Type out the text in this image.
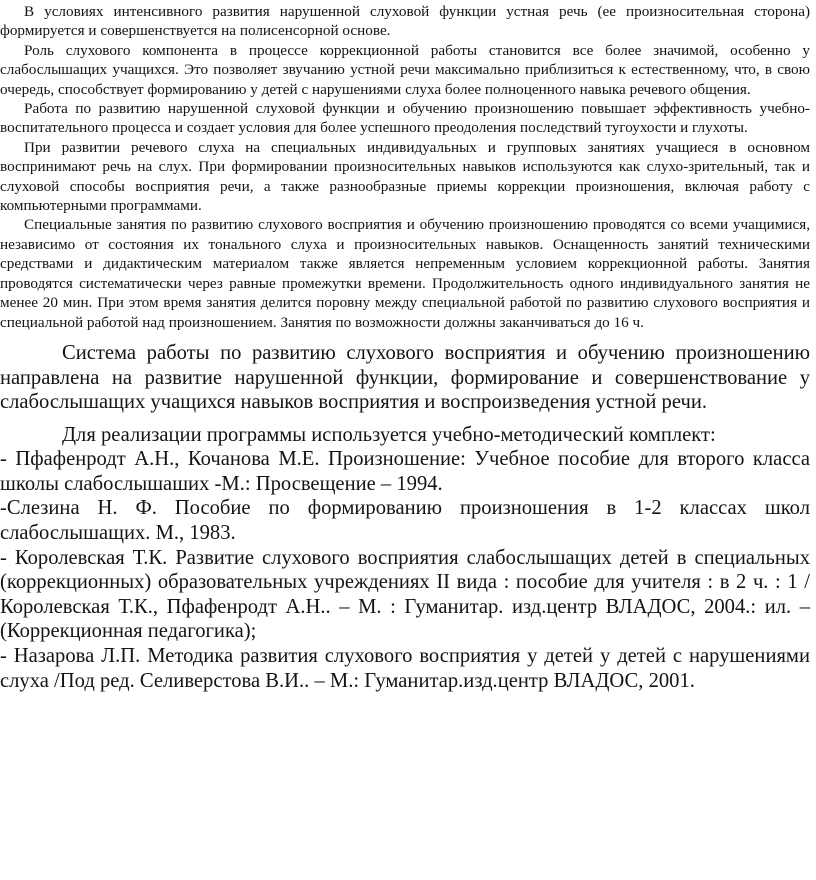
В условиях интенсивного развития нарушенной слуховой функции устная речь (ее произносительная сторона) формируется и совершенствуется на полисенсорной основе.

Роль слухового компонента в процессе коррекционной работы становится все более значимой, особенно у слабослышащих учащихся. Это позволяет звучанию устной речи максимально приблизиться к естественному, что, в свою очередь, способствует формированию у детей с нарушениями слуха более полноценного навыка речевого общения.

Работа по развитию нарушенной слуховой функции и обучению произношению повышает эффективность учебно-воспитательного процесса и создает условия для более успешного преодоления последствий тугоухости и глухоты.

При развитии речевого слуха на специальных индивидуальных и групповых занятиях учащиеся в основном воспринимают речь на слух. При формировании произносительных навыков используются как слухо-зрительный, так и слуховой способы восприятия речи, а также разнообразные приемы коррекции произношения, включая работу с компьютерными программами.

Специальные занятия по развитию слухового восприятия и обучению произношению проводятся со всеми учащимися, независимо от состояния их тонального слуха и произносительных навыков. Оснащенность занятий техническими средствами и дидактическим материалом также является непременным условием коррекционной работы. Занятия проводятся систематически через равные промежутки времени. Продолжительность одного индивидуального занятия не менее 20 мин. При этом время занятия делится поровну между специальной работой по развитию слухового восприятия и специальной работой над произношением. Занятия по возможности должны заканчиваться до 16 ч.

Система работы по развитию слухового восприятия и обучению произношению направлена на развитие нарушенной функции, формирование и совершенствование у слабослышащих учащихся навыков восприятия и воспроизведения устной речи.

Для реализации программы используется учебно-методический комплект:

- Пфафенродт А.Н., Кочанова М.Е. Произношение: Учебное пособие для второго класса школы слабослышаших -М.: Просвещение – 1994.

-Слезина Н. Ф. Пособие по формированию произношения в 1-2 классах школ слабослышащих. М., 1983.

- Королевская Т.К. Развитие слухового восприятия слабослышащих детей в специальных (коррекционных) образовательных учреждениях II вида : пособие для учителя : в 2 ч. : 1 /Королевская Т.К., Пфафенродт А.Н.. – М. : Гуманитар. изд.центр ВЛАДОС, 2004.: ил. – (Коррекционная педагогика);

- Назарова Л.П. Методика развития слухового восприятия у детей у детей с нарушениями слуха /Под ред. Селиверстова В.И.. – М.: Гуманитар.изд.центр ВЛАДОС, 2001.
